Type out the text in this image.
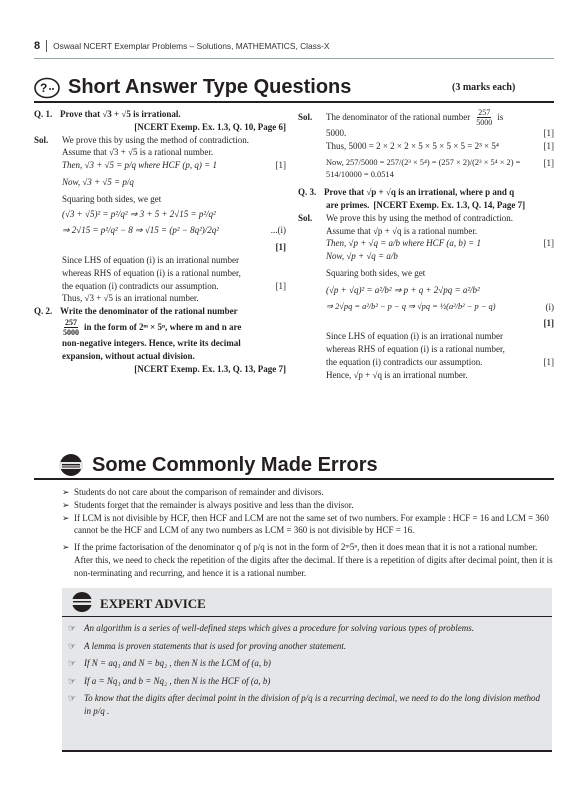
8 Oswaal NCERT Exemplar Problems – Solutions, MATHEMATICS, Class-X
? Short Answer Type Questions	(3 marks each)
Q. 1. Prove that √3 + √5 is irrational.
[NCERT Exemp. Ex. 1.3, Q. 10, Page 6]
Sol.	We prove this by using the method of contradiction.
Assume that √3 + √5 is a rational number.
Then, √3 + √5 = p/q where HCF (p, q) = 1	[1]
Now, √3 + √5 = p/q
Squaring both sides, we get
(√3 + √5)² = p²/q² ⇒ 3 + 5 + 2√15 = p²/q²
⇒ 2√15 = p²/q² − 8 ⇒ √15 = (p² − 8q²)/2q²	...(i)
[1]
Since LHS of equation (i) is an irrational number
whereas RHS of equation (i) is a rational number,
the equation (i) contradicts our assumption.	[1]
Thus, √3 + √5 is an irrational number.
Q. 2. Write the denominator of the rational number
$\frac{257}{5000}$ in the form of 2ᵐ × 5ⁿ, where m and n are
non-negative integers. Hence, write its decimal
expansion, without actual division.
[NCERT Exemp. Ex. 1.3, Q. 13, Page 7]
Sol.	The denominator of the rational number $\frac{257}{5000}$ is
5000.	[1]
Thus, 5000 = 2 × 2 × 2 × 5 × 5 × 5 × 5 = 2³ × 5⁴	[1]
Now, 257/5000 = 257/(2³ × 5⁴) = (257 × 2)/(2³ × 5⁴ × 2) = 514/10000 = 0.0514
[1]
Q. 3. Prove that √p + √q is an irrational, where p and q
are primes. [NCERT Exemp. Ex. 1.3, Q. 14, Page 7]
Sol.	We prove this by using the method of contradiction.
Assume that √p + √q is a rational number.
Then, √p + √q = a/b where HCF (a, b) = 1	[1]
Now, √p + √q = a/b
Squaring both sides, we get
(√p + √q)² = a²/b² ⇒ p + q + 2√pq = a²/b²
⇒ 2√pq = a²/b² − p − q ⇒ √pq = ½(a²/b² − p − q)	(i)
[1]
Since LHS of equation (i) is an irrational number
whereas RHS of equation (i) is a rational number,
the equation (i) contradicts our assumption.	[1]
Hence, √p + √q is an irrational number.
Some Commonly Made Errors
➢ Students do not care about the comparison of remainder and divisors.
➢ Students forget that the remainder is always positive and less than the divisor.
➢ If LCM is not divisible by HCF, then HCF and LCM are not the same set of two numbers. For example : HCF = 16 and LCM = 360 cannot be the HCF and LCM of any two numbers as LCM = 360 is not divisible by HCF = 16.
➢ If the prime factorisation of the denominator q of p/q is not in the form of 2ᵐ5ⁿ, then it does mean that it is not a rational number. After this, we need to check the repetition of the digits after the decimal. If there is a repetition of digits after decimal point, then it is non-terminating and recurring, and hence it is a rational number.
EXPERT ADVICE
☞ An algorithm is a series of well-defined steps which gives a procedure for solving various types of problems.
☞ A lemma is proven statements that is used for proving another statement.
☞ If N = aq₁ and N = bq₂ , then N is the LCM of (a, b)
☞ If a = Nq₁ and b = Nq₂ , then N is the HCF of (a, b)
☞ To know that the digits after decimal point in the division of p/q is a recurring decimal, we need to do the long division method in p/q .
